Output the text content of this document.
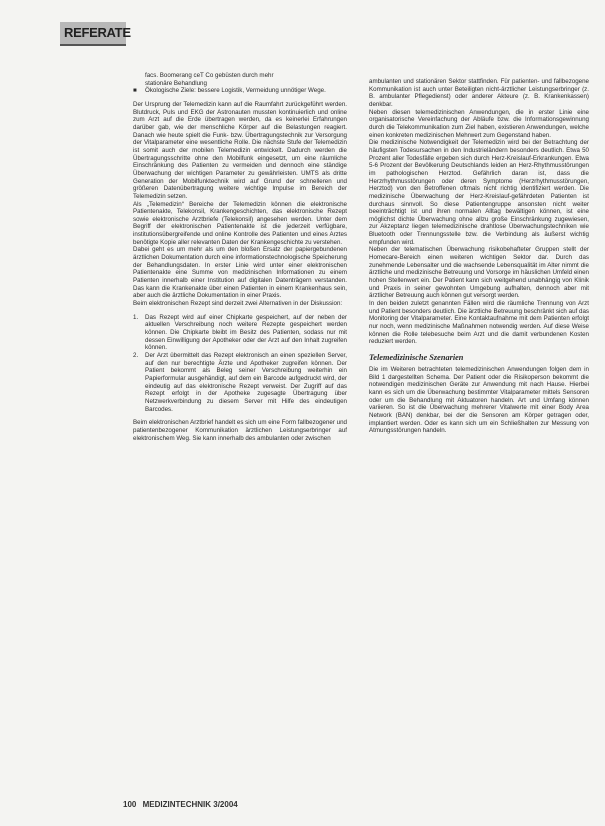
REFERATE

facs. Boomerang ceT Co gebüsten durch mehr

stationäre Behandlung

■	Ökologische Ziele: bessere Logistik, Vermeidung unnötiger Wege.

Der Ursprung der Telemedizin kann auf die Raumfahrt zurückgeführt werden. Blutdruck, Puls und EKG der Astronauten mussten kontinuierlich und online zum Arzt auf die Erde übertragen werden, da es keinerlei Erfahrungen darüber gab, wie der menschliche Körper auf die Belastungen reagiert. Danach wie heute spielt die Funk- bzw. Übertragungstechnik zur Versorgung der Vitalparameter eine wesentliche Rolle. Die nächste Stufe der Telemedizin ist somit auch der mobilen Telemedizin entwickelt. Dadurch werden die Übertragungsschritte ohne den Mobilfunk eingesetzt, um eine räumliche Einschränkung des Patienten zu vermeiden und dennoch eine ständige Überwachung der wichtigen Parameter zu gewährleisten. UMTS als dritte Generation der Mobilfunktechnik wird auf Grund der schnelleren und größeren Datenübertragung weitere wichtige Impulse im Bereich der Telemedizin setzen.

Als „Telemedizin“ Bereiche der Telemedizin können die elektronische Patientenakte, Telekonsil, Krankengeschichten, das elektronische Rezept sowie elektronische Arztbriefe (Telekonsil) angesehen werden. Unter dem Begriff der elektronischen Patientenakte ist die jederzeit verfügbare, institutionsübergreifende und online Kontrolle des Patienten und eines Arztes benötigte Kopie aller relevanten Daten der Krankengeschichte zu verstehen.

Dabei geht es um mehr als um den bloßen Ersatz der papiergebundenen ärztlichen Dokumentation durch eine informationstechnologische Speicherung der Behandlungsdaten. In erster Linie wird unter einer elektronischen Patientenakte eine Summe von medizinischen Informationen zu einem Patienten innerhalb einer Institution auf digitalen Datenträgern verstanden. Das kann die Krankenakte über einen Patienten in einem Krankenhaus sein, aber auch die ärztliche Dokumentation in einer Praxis.

Beim elektronischen Rezept sind derzeit zwei Alternativen in der Diskussion:

1.	Das Rezept wird auf einer Chipkarte gespeichert, auf der neben der aktuellen Verschreibung noch weitere Rezepte gespeichert werden können. Die Chipkarte bleibt im Besitz des Patienten, sodass nur mit dessen Einwilligung der Apotheker oder der Arzt auf den Inhalt zugreifen können.
2.	Der Arzt übermittelt das Rezept elektronisch an einen speziellen Server, auf den nur berechtigte Ärzte und Apotheker zugreifen können. Der Patient bekommt als Beleg seiner Verschreibung weiterhin ein Papierformular ausgehändigt, auf dem ein Barcode aufgedruckt wird, der eindeutig auf das elektronische Rezept verweist. Der Zugriff auf das Rezept erfolgt in der Apotheke zugesagte Übertragung über Netzwerkverbindung zu diesem Server mit Hilfe des eindeutigen Barcodes.

Beim elektronischen Arztbrief handelt es sich um eine Form fallbezogener und patientenbezogener Kommunikation ärztlichen Leistungserbringer auf elektronischem Weg. Sie kann innerhalb des ambulanten oder zwischen

ambulanten und stationären Sektor stattfinden. Für patienten- und fallbezogene Kommunikation ist auch unter Beteiligten nicht-ärztlicher Leistungserbringer (z. B. ambulanter Pflegedienst) oder anderer Akteure (z. B. Krankenkassen) denkbar.

Neben diesen telemedizinischen Anwendungen, die in erster Linie eine organisatorische Vereinfachung der Abläufe bzw. die Informationsgewinnung durch die Telekommunikation zum Ziel haben, existieren Anwendungen, welche einen konkreten medizinischen Mehrwert zum Gegenstand haben.

Die medizinische Notwendigkeit der Telemedizin wird bei der Betrachtung der häufigsten Todesursachen in den Industrieländern besonders deutlich. Etwa 50 Prozent aller Todesfälle ergeben sich durch Herz-Kreislauf-Erkrankungen. Etwa 5-6 Prozent der Bevölkerung Deutschlands leiden an Herz-Rhythmusstörungen im pathologischen Herztod. Gefährlich daran ist, dass die Herzrhythmusstörungen oder deren Symptome (Herzrhythmusstörungen, Herztod) von den Betroffenen oftmals nicht richtig identifiziert werden. Die medizinische Überwachung der Herz-Kreislauf-gefährdeten Patienten ist durchaus sinnvoll. So diese Patientengruppe ansonsten nicht weiter beeinträchtigt ist und ihren normalen Alltag bewältigen können, ist eine möglichst dichte Überwachung ohne allzu große Einschränkung zugewiesen, zur Akzeptanz liegen telemedizinische drahtlose Überwachungstechniken wie Bluetooth oder Trennungsstelle bzw. die Verbindung als äußerst wichtig empfunden wird.

Neben der telematischen Überwachung risikobehafteter Gruppen stellt der Homecare-Bereich einen weiteren wichtigen Sektor dar. Durch das zunehmende Lebensalter und die wachsende Lebensqualität im Alter nimmt die ärztliche und medizinische Betreuung und Vorsorge im häuslichen Umfeld einen hohen Stellenwert ein. Der Patient kann sich weitgehend unabhängig von Klinik und Praxis in seiner gewohnten Umgebung aufhalten, dennoch aber mit ärztlicher Betreuung auch können gut versorgt werden.

In den beiden zuletzt genannten Fällen wird die räumliche Trennung von Arzt und Patient besonders deutlich. Die ärztliche Betreuung beschränkt sich auf das Monitoring der Vitalparameter. Eine Kontaktaufnahme mit dem Patienten erfolgt nur noch, wenn medizinische Maßnahmen notwendig werden. Auf diese Weise können die Rolle telebesuche beim Arzt und die damit verbundenen Kosten reduziert werden.

Telemedizinische Szenarien

Die im Weiteren betrachteten telemedizinischen Anwendungen folgen dem in Bild 1 dargestellten Schema. Der Patient oder die Risikoperson bekommt die notwendigen medizinischen Geräte zur Anwendung mit nach Hause. Hierbei kann es sich um die Überwachung bestimmter Vitalparameter mittels Sensoren oder um die Behandlung mit Aktuatoren handeln. Art und Umfang können variieren. So ist die Überwachung mehrerer Vitalwerte mit einer Body Area Network (BAN) denkbar, bei der die Sensoren am Körper getragen oder, implantiert werden. Oder es kann sich um ein Schließhalten zur Messung von Atmungsstörungen handeln.

100 MEDIZINTECHNIK 3/2004
